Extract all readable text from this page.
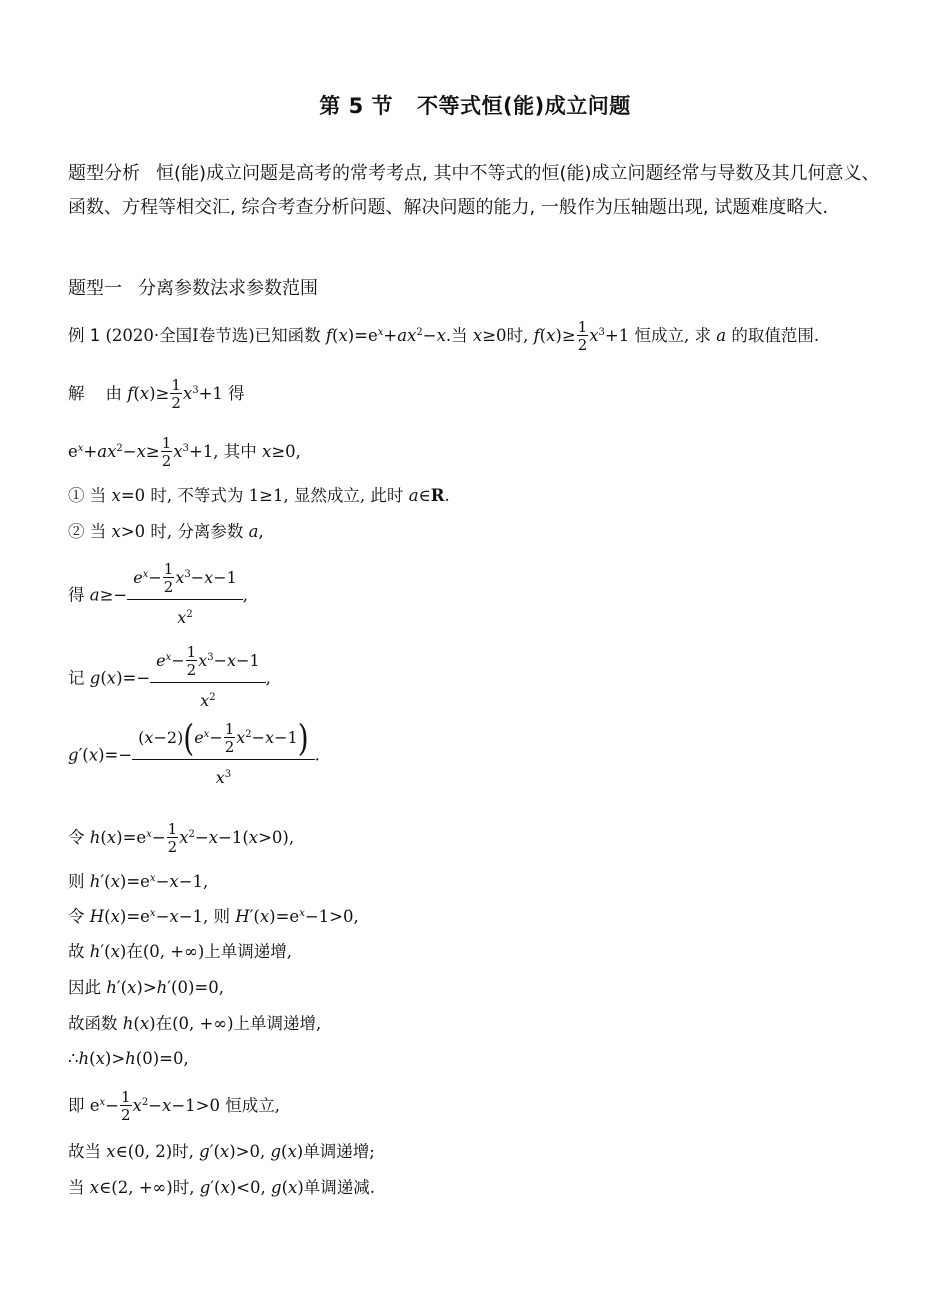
第 5 节 不等式恒(能)成立问题
题型分析 恒(能)成立问题是高考的常考考点, 其中不等式的恒(能)成立问题经常与导数及其几何意义、函数、方程等相交汇, 综合考查分析问题、解决问题的能力, 一般作为压轴题出现, 试题难度略大.
题型一 分离参数法求参数范围
例 1 (2020·全国Ⅰ卷节选)已知函数 $f(x)=e^x+ax^2-x$.当 x≥0时, $f(x)\ge \frac{1}{2} x^3+1$ 恒成立, 求 a 的取值范围.
解 由 $f(x)\ge \frac{1}{2} x^3+1$ 得
$e^x+ax^2-x\ge \frac{1}{2} x^3+1$, 其中 x≥0,
① 当 x=0 时, 不等式为 1≥1, 显然成立, 此时 a∈R.
② 当 x>0 时, 分离参数 a,
得 $a\ge- \frac{e^x- \frac{1}{2} x^3-x-1}{x^2}$ ,
记 $g(x)=- \frac{e^x- \frac{1}{2} x^3-x-1}{x^2}$ ,
$g'(x)=- \frac{(x-2)(e^x- \frac{1}{2} x^2-x-1)}{x^3}$ .
令 $h(x)=e^x- \frac{1}{2} x^2-x-1(x>0)$,
则 $h'(x)=e^x-x-1$,
令 $H(x)=e^x-x-1$, 则 $H'(x)=e^x-1>0$,
故 h′(x)在(0, +∞)上单调递增,
因此 h′(x)>h′(0)=0,
故函数 h(x)在(0, +∞)上单调递增,
∴h(x)>h(0)=0,
即 $e^x- \frac{1}{2} x^2-x-1>0$ 恒成立,
故当 x∈(0, 2)时, g′(x)>0, g(x)单调递增;
当 x∈(2, +∞)时, g′(x)<0, g(x)单调递减.
